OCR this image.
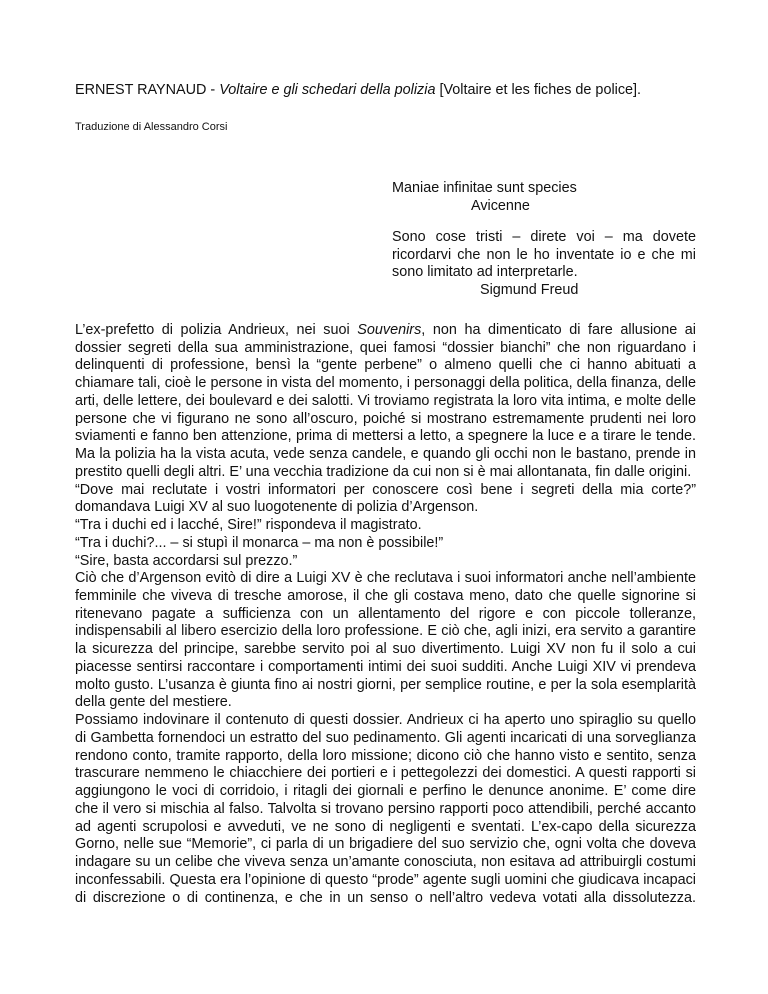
ERNEST RAYNAUD - Voltaire e gli schedari della polizia [Voltaire et les fiches de police].
Traduzione di Alessandro Corsi

Maniae infinitae sunt species

Avicenne

Sono cose tristi – direte voi – ma dovete ricordarvi che non le ho inventate io e che mi sono limitato ad interpretarle.

Sigmund Freud

L’ex-prefetto di polizia Andrieux, nei suoi Souvenirs, non ha dimenticato di fare allusione ai dossier segreti della sua amministrazione, quei famosi “dossier bianchi” che non riguardano i delinquenti di professione, bensì la “gente perbene” o almeno quelli che ci hanno abituati a chiamare tali, cioè le persone in vista del momento, i personaggi della politica, della finanza, delle arti, delle lettere, dei boulevard e dei salotti. Vi troviamo registrata la loro vita intima, e molte delle persone che vi figurano ne sono all’oscuro, poiché si mostrano estremamente prudenti nei loro sviamenti e fanno ben attenzione, prima di mettersi a letto, a spegnere la luce e a tirare le tende. Ma la polizia ha la vista acuta, vede senza candele, e quando gli occhi non le bastano, prende in prestito quelli degli altri. E’ una vecchia tradizione da cui non si è mai allontanata, fin dalle origini.

“Dove mai reclutate i vostri informatori per conoscere così bene i segreti della mia corte?” domandava Luigi XV al suo luogotenente di polizia d’Argenson.

“Tra i duchi ed i lacché, Sire!” rispondeva il magistrato.

“Tra i duchi?... – si stupì il monarca – ma non è possibile!”

“Sire, basta accordarsi sul prezzo.”

Ciò che d’Argenson evitò di dire a Luigi XV è che reclutava i suoi informatori anche nell’ambiente femminile che viveva di tresche amorose, il che gli costava meno, dato che quelle signorine si ritenevano pagate a sufficienza con un allentamento del rigore e con piccole tolleranze, indispensabili al libero esercizio della loro professione. E ciò che, agli inizi, era servito a garantire la sicurezza del principe, sarebbe servito poi al suo divertimento. Luigi XV non fu il solo a cui piacesse sentirsi raccontare i comportamenti intimi dei suoi sudditi. Anche Luigi XIV vi prendeva molto gusto. L’usanza è giunta fino ai nostri giorni, per semplice routine, e per la sola esemplarità della gente del mestiere.

Possiamo indovinare il contenuto di questi dossier. Andrieux ci ha aperto uno spiraglio su quello di Gambetta fornendoci un estratto del suo pedinamento. Gli agenti incaricati di una sorveglianza rendono conto, tramite rapporto, della loro missione; dicono ciò che hanno visto e sentito, senza trascurare nemmeno le chiacchiere dei portieri e i pettegolezzi dei domestici. A questi rapporti si aggiungono le voci di corridoio, i ritagli dei giornali e perfino le denunce anonime. E’ come dire che il vero si mischia al falso. Talvolta si trovano persino rapporti poco attendibili, perché accanto ad agenti scrupolosi e avveduti, ve ne sono di negligenti e sventati. L’ex-capo della sicurezza Gorno, nelle sue “Memorie”, ci parla di un brigadiere del suo servizio che, ogni volta che doveva indagare su un celibe che viveva senza un’amante conosciuta, non esitava ad attribuirgli costumi inconfessabili. Questa era l’opinione di questo “prode” agente sugli uomini che giudicava incapaci di discrezione o di continenza, e che in un senso o nell’altro vedeva votati alla dissolutezza.
